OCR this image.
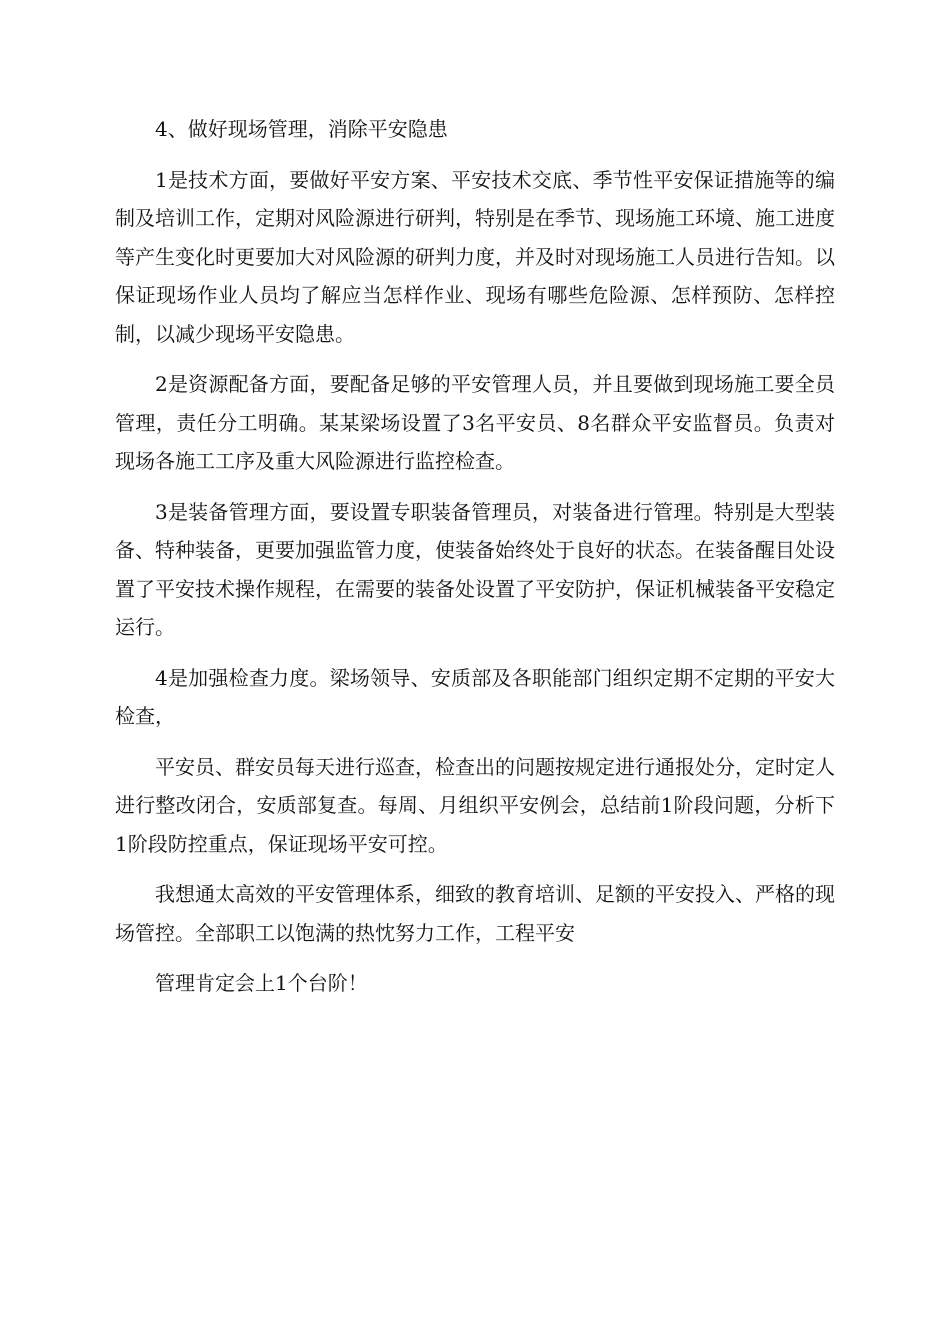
4、做好现场管理，消除平安隐患

1是技术方面，要做好平安方案、平安技术交底、季节性平安保证措施等的编制及培训工作，定期对风险源进行研判，特别是在季节、现场施工环境、施工进度等产生变化时更要加大对风险源的研判力度，并及时对现场施工人员进行告知。以保证现场作业人员均了解应当怎样作业、现场有哪些危险源、怎样预防、怎样控制，以减少现场平安隐患。

2是资源配备方面，要配备足够的平安管理人员，并且要做到现场施工要全员管理，责任分工明确。某某梁场设置了3名平安员、8名群众平安监督员。负责对现场各施工工序及重大风险源进行监控检查。

3是装备管理方面，要设置专职装备管理员，对装备进行管理。特别是大型装备、特种装备，更要加强监管力度，使装备始终处于良好的状态。在装备醒目处设置了平安技术操作规程，在需要的装备处设置了平安防护，保证机械装备平安稳定运行。

4是加强检查力度。梁场领导、安质部及各职能部门组织定期不定期的平安大检查，

平安员、群安员每天进行巡查，检查出的问题按规定进行通报处分，定时定人进行整改闭合，安质部复查。每周、月组织平安例会，总结前1阶段问题，分析下1阶段防控重点，保证现场平安可控。

我想通太高效的平安管理体系，细致的教育培训、足额的平安投入、严格的现场管控。全部职工以饱满的热忱努力工作，工程平安

管理肯定会上1个台阶！
